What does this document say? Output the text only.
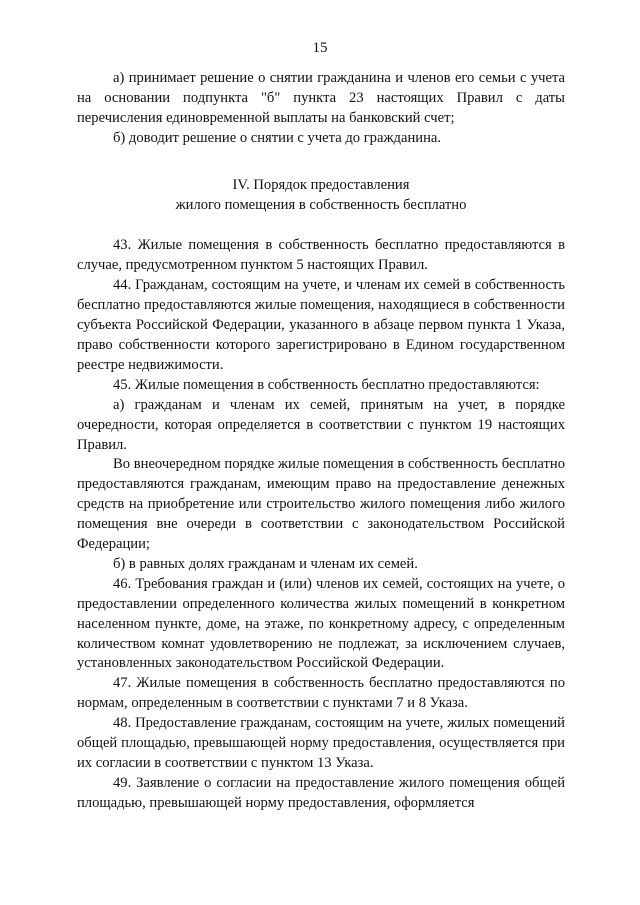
15

а) принимает решение о снятии гражданина и членов его семьи с учета на основании подпункта "б" пункта 23 настоящих Правил с даты перечисления единовременной выплаты на банковский счет;

б) доводит решение о снятии с учета до гражданина.

IV. Порядок предоставления
жилого помещения в собственность бесплатно

43. Жилые помещения в собственность бесплатно предоставляются в случае, предусмотренном пунктом 5 настоящих Правил.

44. Гражданам, состоящим на учете, и членам их семей в собственность бесплатно предоставляются жилые помещения, находящиеся в собственности субъекта Российской Федерации, указанного в абзаце первом пункта 1 Указа, право собственности которого зарегистрировано в Едином государственном реестре недвижимости.

45. Жилые помещения в собственность бесплатно предоставляются:

а) гражданам и членам их семей, принятым на учет, в порядке очередности, которая определяется в соответствии с пунктом 19 настоящих Правил.

Во внеочередном порядке жилые помещения в собственность бесплатно предоставляются гражданам, имеющим право на предоставление денежных средств на приобретение или строительство жилого помещения либо жилого помещения вне очереди в соответствии с законодательством Российской Федерации;

б) в равных долях гражданам и членам их семей.

46. Требования граждан и (или) членов их семей, состоящих на учете, о предоставлении определенного количества жилых помещений в конкретном населенном пункте, доме, на этаже, по конкретному адресу, с определенным количеством комнат удовлетворению не подлежат, за исключением случаев, установленных законодательством Российской Федерации.

47. Жилые помещения в собственность бесплатно предоставляются по нормам, определенным в соответствии с пунктами 7 и 8 Указа.

48. Предоставление гражданам, состоящим на учете, жилых помещений общей площадью, превышающей норму предоставления, осуществляется при их согласии в соответствии с пунктом 13 Указа.

49. Заявление о согласии на предоставление жилого помещения общей площадью, превышающей норму предоставления, оформляется
